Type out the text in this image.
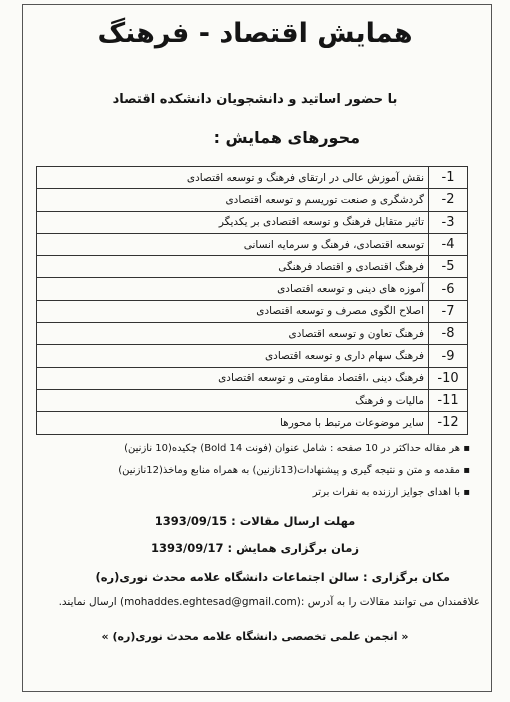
همایش اقتصاد - فرهنگ
با حضور اساتید و دانشجویان دانشکده اقتصاد
محورهای همایش :
1-	نقش آموزش عالی در ارتقای فرهنگ و توسعه اقتصادی
2-	گردشگری و صنعت توریسم و توسعه اقتصادی
3-	تاثیر متقابل فرهنگ و توسعه اقتصادی بر یکدیگر
4-	توسعه اقتصادی، فرهنگ و سرمایه انسانی
5-	فرهنگ اقتصادی و اقتصاد فرهنگی
6-	آموزه های دینی و توسعه اقتصادی
7-	اصلاح الگوی مصرف و توسعه اقتصادی
8-	فرهنگ تعاون و توسعه اقتصادی
9-	فرهنگ سهام داری و توسعه اقتصادی
10-	فرهنگ دینی ،اقتصاد مقاومتی و توسعه اقتصادی
11-	مالیات و فرهنگ
12-	سایر موضوعات مرتبط با محورها
▪ هر مقاله حداکثر در 10 صفحه : شامل عنوان (فونت Bold 14) چکیده(10 نازنین)
▪ مقدمه و متن و نتیجه گیری و پیشنهادات(13نازنین) به همراه منابع وماخذ(12نازنین)
▪ با اهدای جوایز ارزنده به نفرات برتر
مهلت ارسال مقالات : 1393/09/15
زمان برگزاری همایش : 1393/09/17
مکان برگزاری : سالن اجتماعات دانشگاه علامه محدث نوری(ره)
علاقمندان می توانند مقالات را به آدرس :(mohaddes.eghtesad@gmail.com) ارسال نمایند.
« انجمن علمی تخصصی دانشگاه علامه محدث نوری(ره) »
